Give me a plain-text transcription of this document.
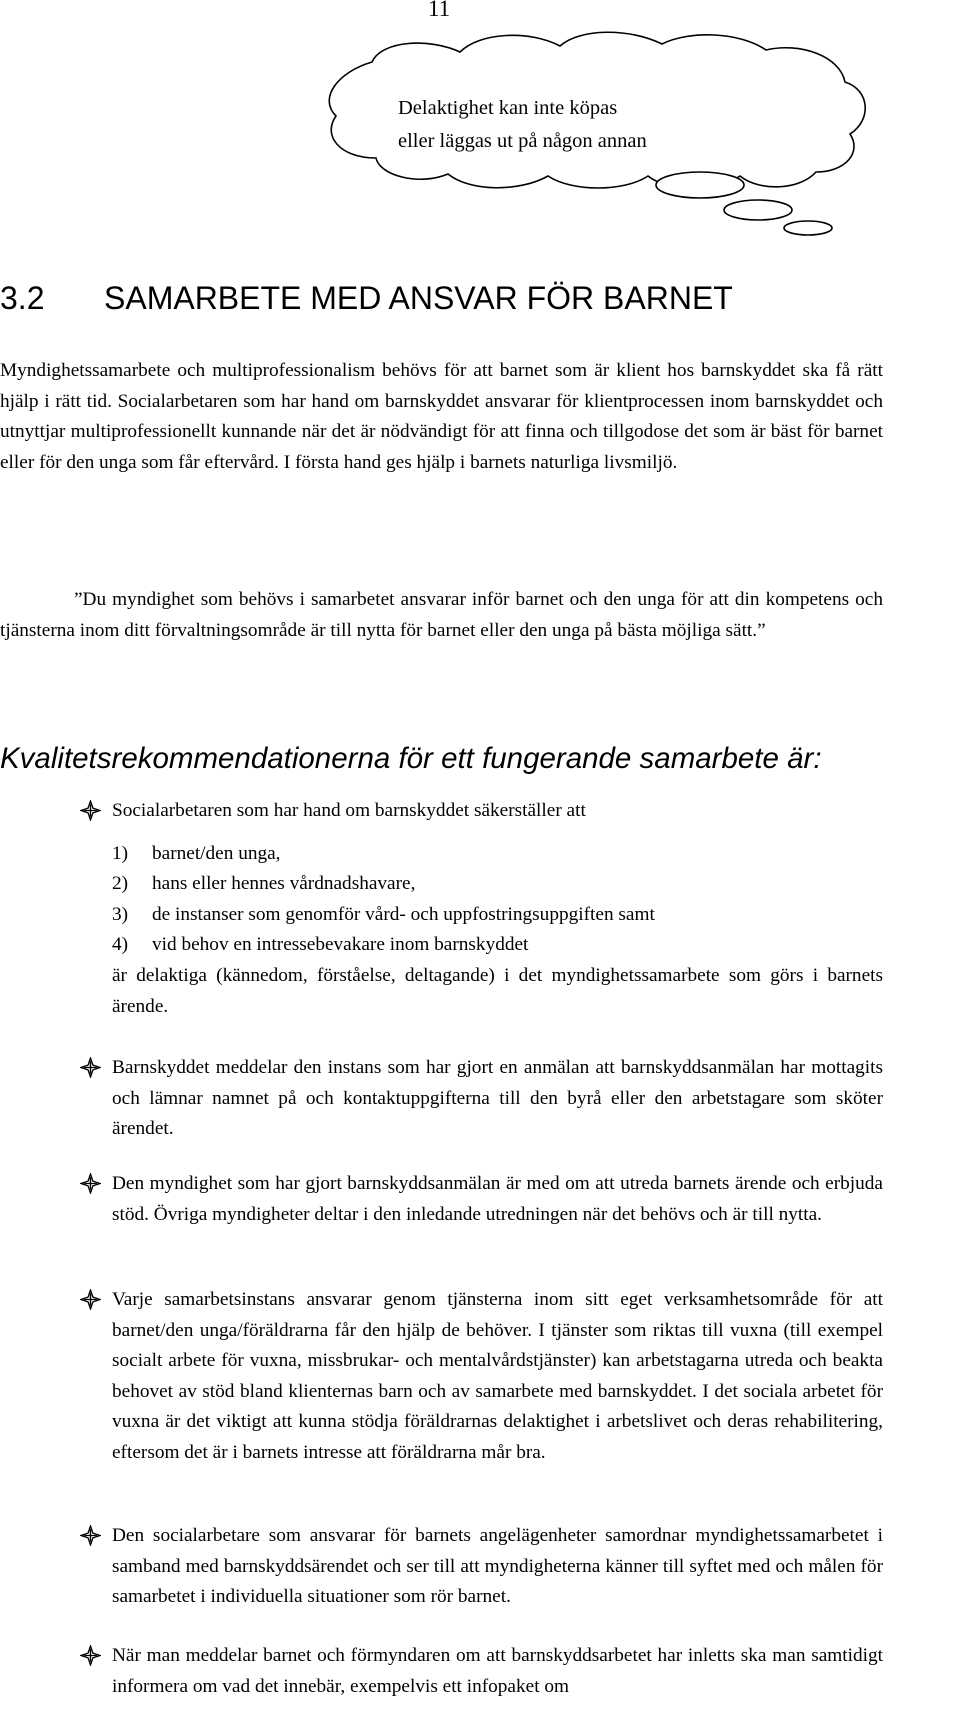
11
Delaktighet kan inte köpas
eller läggas ut på någon annan
3.2 SAMARBETE MED ANSVAR FÖR BARNET

Myndighetssamarbete och multiprofessionalism behövs för att barnet som är klient hos barnskyddet ska få rätt hjälp i rätt tid. Socialarbetaren som har hand om barnskyddet ansvarar för klientprocessen inom barnskyddet och utnyttjar multiprofessionellt kunnande när det är nödvändigt för att finna och tillgodose det som är bäst för barnet eller för den unga som får eftervård. I första hand ges hjälp i barnets naturliga livsmiljö.

”Du myndighet som behövs i samarbetet ansvarar inför barnet och den unga för att din kompetens och tjänsterna inom ditt förvaltningsområde är till nytta för barnet eller den unga på bästa möjliga sätt.”

Kvalitetsrekommendationerna för ett fungerande samarbete är:

Socialarbetaren som har hand om barnskyddet säkerställer att

1) barnet/den unga,
2) hans eller hennes vårdnadshavare,
3) de instanser som genomför vård- och uppfostringsuppgiften samt
4) vid behov en intressebevakare inom barnskyddet

är delaktiga (kännedom, förståelse, deltagande) i det myndighetssamarbete som görs i barnets ärende.

Barnskyddet meddelar den instans som har gjort en anmälan att barnskyddsanmälan har mottagits och lämnar namnet på och kontaktuppgifterna till den byrå eller den arbetstagare som sköter ärendet.

Den myndighet som har gjort barnskyddsanmälan är med om att utreda barnets ärende och erbjuda stöd. Övriga myndigheter deltar i den inledande utredningen när det behövs och är till nytta.

Varje samarbetsinstans ansvarar genom tjänsterna inom sitt eget verksamhetsområde för att barnet/den unga/föräldrarna får den hjälp de behöver. I tjänster som riktas till vuxna (till exempel socialt arbete för vuxna, missbrukar- och mentalvårdstjänster) kan arbetstagarna utreda och beakta behovet av stöd bland klienternas barn och av samarbete med barnskyddet. I det sociala arbetet för vuxna är det viktigt att kunna stödja föräldrarnas delaktighet i arbetslivet och deras rehabilitering, eftersom det är i barnets intresse att föräldrarna mår bra.

Den socialarbetare som ansvarar för barnets angelägenheter samordnar myndighetssamarbetet i samband med barnskyddsärendet och ser till att myndigheterna känner till syftet med och målen för samarbetet i individuella situationer som rör barnet.

När man meddelar barnet och förmyndaren om att barnskyddsarbetet har inletts ska man samtidigt informera om vad det innebär, exempelvis ett infopaket om
